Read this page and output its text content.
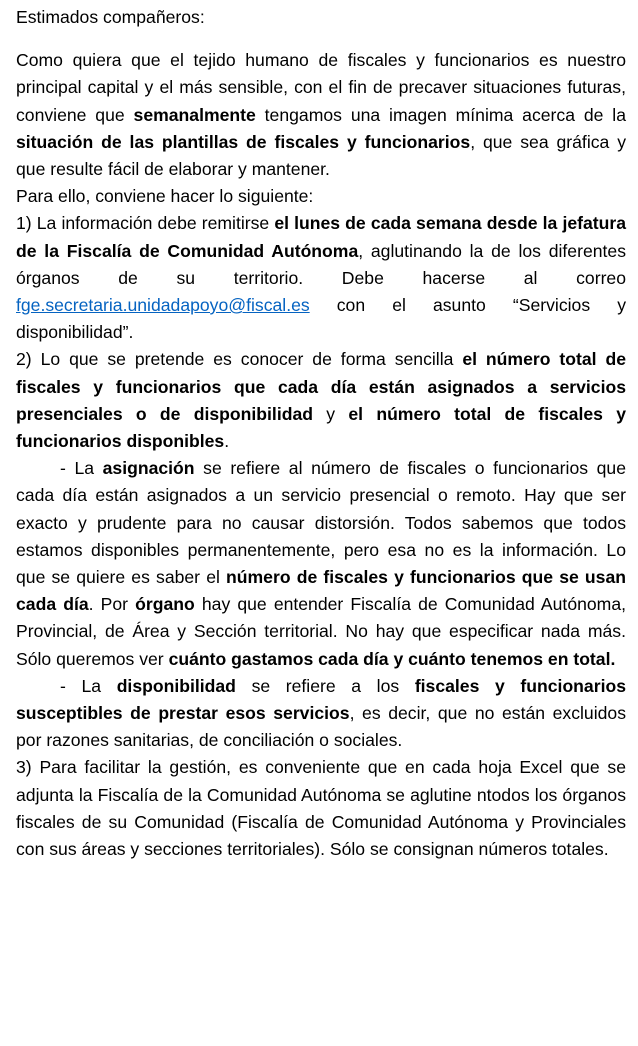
Estimados compañeros:

Como quiera que el tejido humano de fiscales y funcionarios es nuestro principal capital y el más sensible, con el fin de precaver situaciones futuras, conviene que semanalmente tengamos una imagen mínima acerca de la situación de las plantillas de fiscales y funcionarios, que sea gráfica y que resulte fácil de elaborar y mantener.

Para ello, conviene hacer lo siguiente:

1) La información debe remitirse el lunes de cada semana desde la jefatura de la Fiscalía de Comunidad Autónoma, aglutinando la de los diferentes órganos de su territorio. Debe hacerse al correo fge.secretaria.unidadapoyo@fiscal.es con el asunto “Servicios y disponibilidad”.

2) Lo que se pretende es conocer de forma sencilla el número total de fiscales y funcionarios que cada día están asignados a servicios presenciales o de disponibilidad y el número total de fiscales y funcionarios disponibles.

- La asignación se refiere al número de fiscales o funcionarios que cada día están asignados a un servicio presencial o remoto. Hay que ser exacto y prudente para no causar distorsión. Todos sabemos que todos estamos disponibles permanentemente, pero esa no es la información. Lo que se quiere es saber el número de fiscales y funcionarios que se usan cada día. Por órgano hay que entender Fiscalía de Comunidad Autónoma, Provincial, de Área y Sección territorial. No hay que especificar nada más. Sólo queremos ver cuánto gastamos cada día y cuánto tenemos en total.

- La disponibilidad se refiere a los fiscales y funcionarios susceptibles de prestar esos servicios, es decir, que no están excluidos por razones sanitarias, de conciliación o sociales.

3) Para facilitar la gestión, es conveniente que en cada hoja Excel que se adjunta la Fiscalía de la Comunidad Autónoma se aglutine ntodos los órganos fiscales de su Comunidad (Fiscalía de Comunidad Autónoma y Provinciales con sus áreas y secciones territoriales). Sólo se consignan números totales.
